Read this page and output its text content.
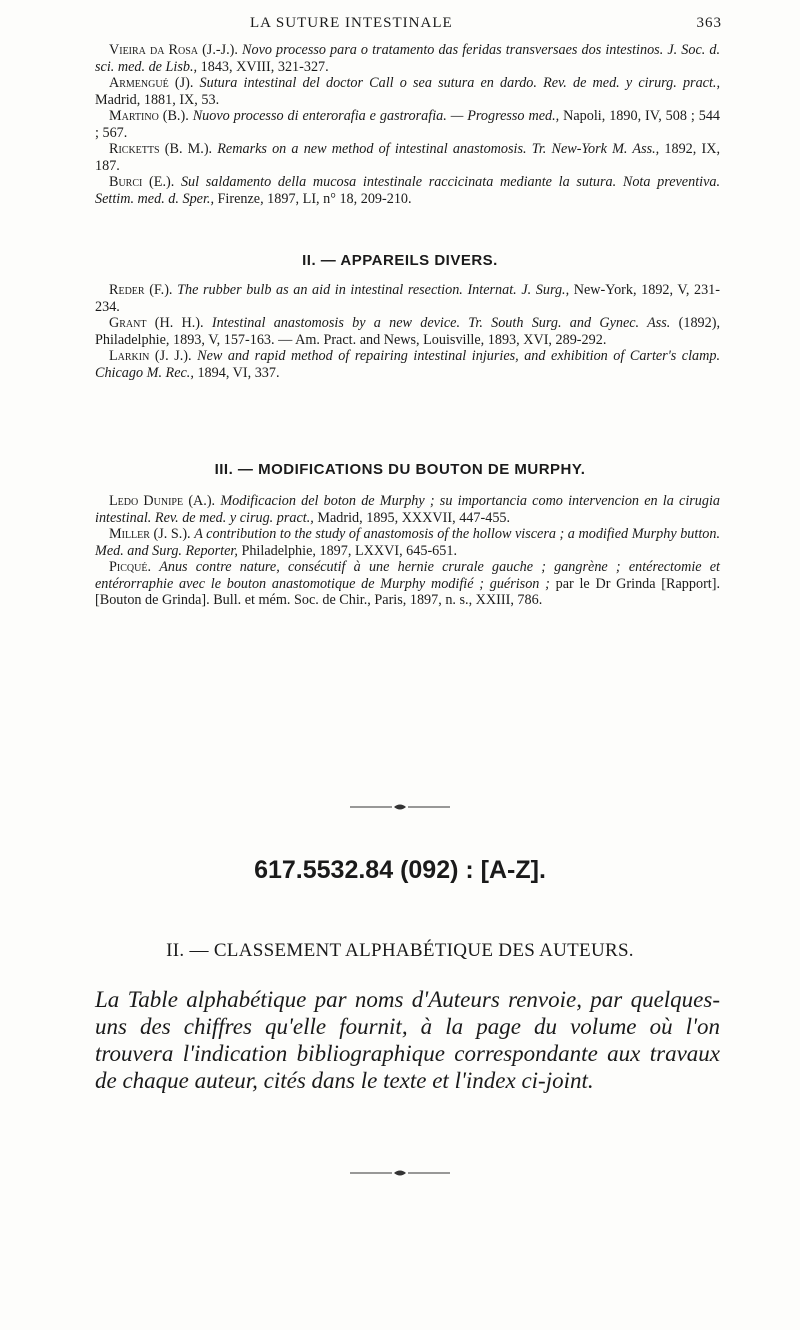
LA SUTURE INTESTINALE	363

Vieira da Rosa (J.-J.). Novo processo para o tratamento das feridas transversaes dos intestinos. J. Soc. d. sci. med. de Lisb., 1843, XVIII, 321-327.

Armengué (J). Sutura intestinal del doctor Call o sea sutura en dardo. Rev. de med. y cirurg. pract., Madrid, 1881, IX, 53.

Martino (B.). Nuovo processo di enterorafia e gastrorafia. — Progresso med., Napoli, 1890, IV, 508 ; 544 ; 567.

Ricketts (B. M.). Remarks on a new method of intestinal anastomosis. Tr. New-York M. Ass., 1892, IX, 187.

Burci (E.). Sul saldamento della mucosa intestinale raccicinata mediante la sutura. Nota preventiva. Settim. med. d. Sper., Firenze, 1897, LI, n° 18, 209-210.

II. — APPAREILS DIVERS.

Reder (F.). The rubber bulb as an aid in intestinal resection. Internat. J. Surg., New-York, 1892, V, 231-234.

Grant (H. H.). Intestinal anastomosis by a new device. Tr. South Surg. and Gynec. Ass. (1892), Philadelphie, 1893, V, 157-163. — Am. Pract. and News, Louisville, 1893, XVI, 289-292.

Larkin (J. J.). New and rapid method of repairing intestinal injuries, and exhibition of Carter's clamp. Chicago M. Rec., 1894, VI, 337.

III. — MODIFICATIONS DU BOUTON DE MURPHY.

Ledo Dunipe (A.). Modificacion del boton de Murphy ; su importancia como intervencion en la cirugia intestinal. Rev. de med. y cirug. pract., Madrid, 1895, XXXVII, 447-455.

Miller (J. S.). A contribution to the study of anastomosis of the hollow viscera ; a modified Murphy button. Med. and Surg. Reporter, Philadelphie, 1897, LXXVI, 645-651.

Picqué. Anus contre nature, consécutif à une hernie crurale gauche ; gangrène ; entérectomie et entérorraphie avec le bouton anastomotique de Murphy modifié ; guérison ; par le Dr Grinda [Rapport]. [Bouton de Grinda]. Bull. et mém. Soc. de Chir., Paris, 1897, n. s., XXIII, 786.

617.5532.84 (092) : [A-Z].
II. — CLASSEMENT ALPHABÉTIQUE DES AUTEURS.

La Table alphabétique par noms d'Auteurs renvoie, par quelques-uns des chiffres qu'elle fournit, à la page du volume où l'on trouvera l'indication bibliographique correspondante aux travaux de chaque auteur, cités dans le texte et l'index ci-joint.
